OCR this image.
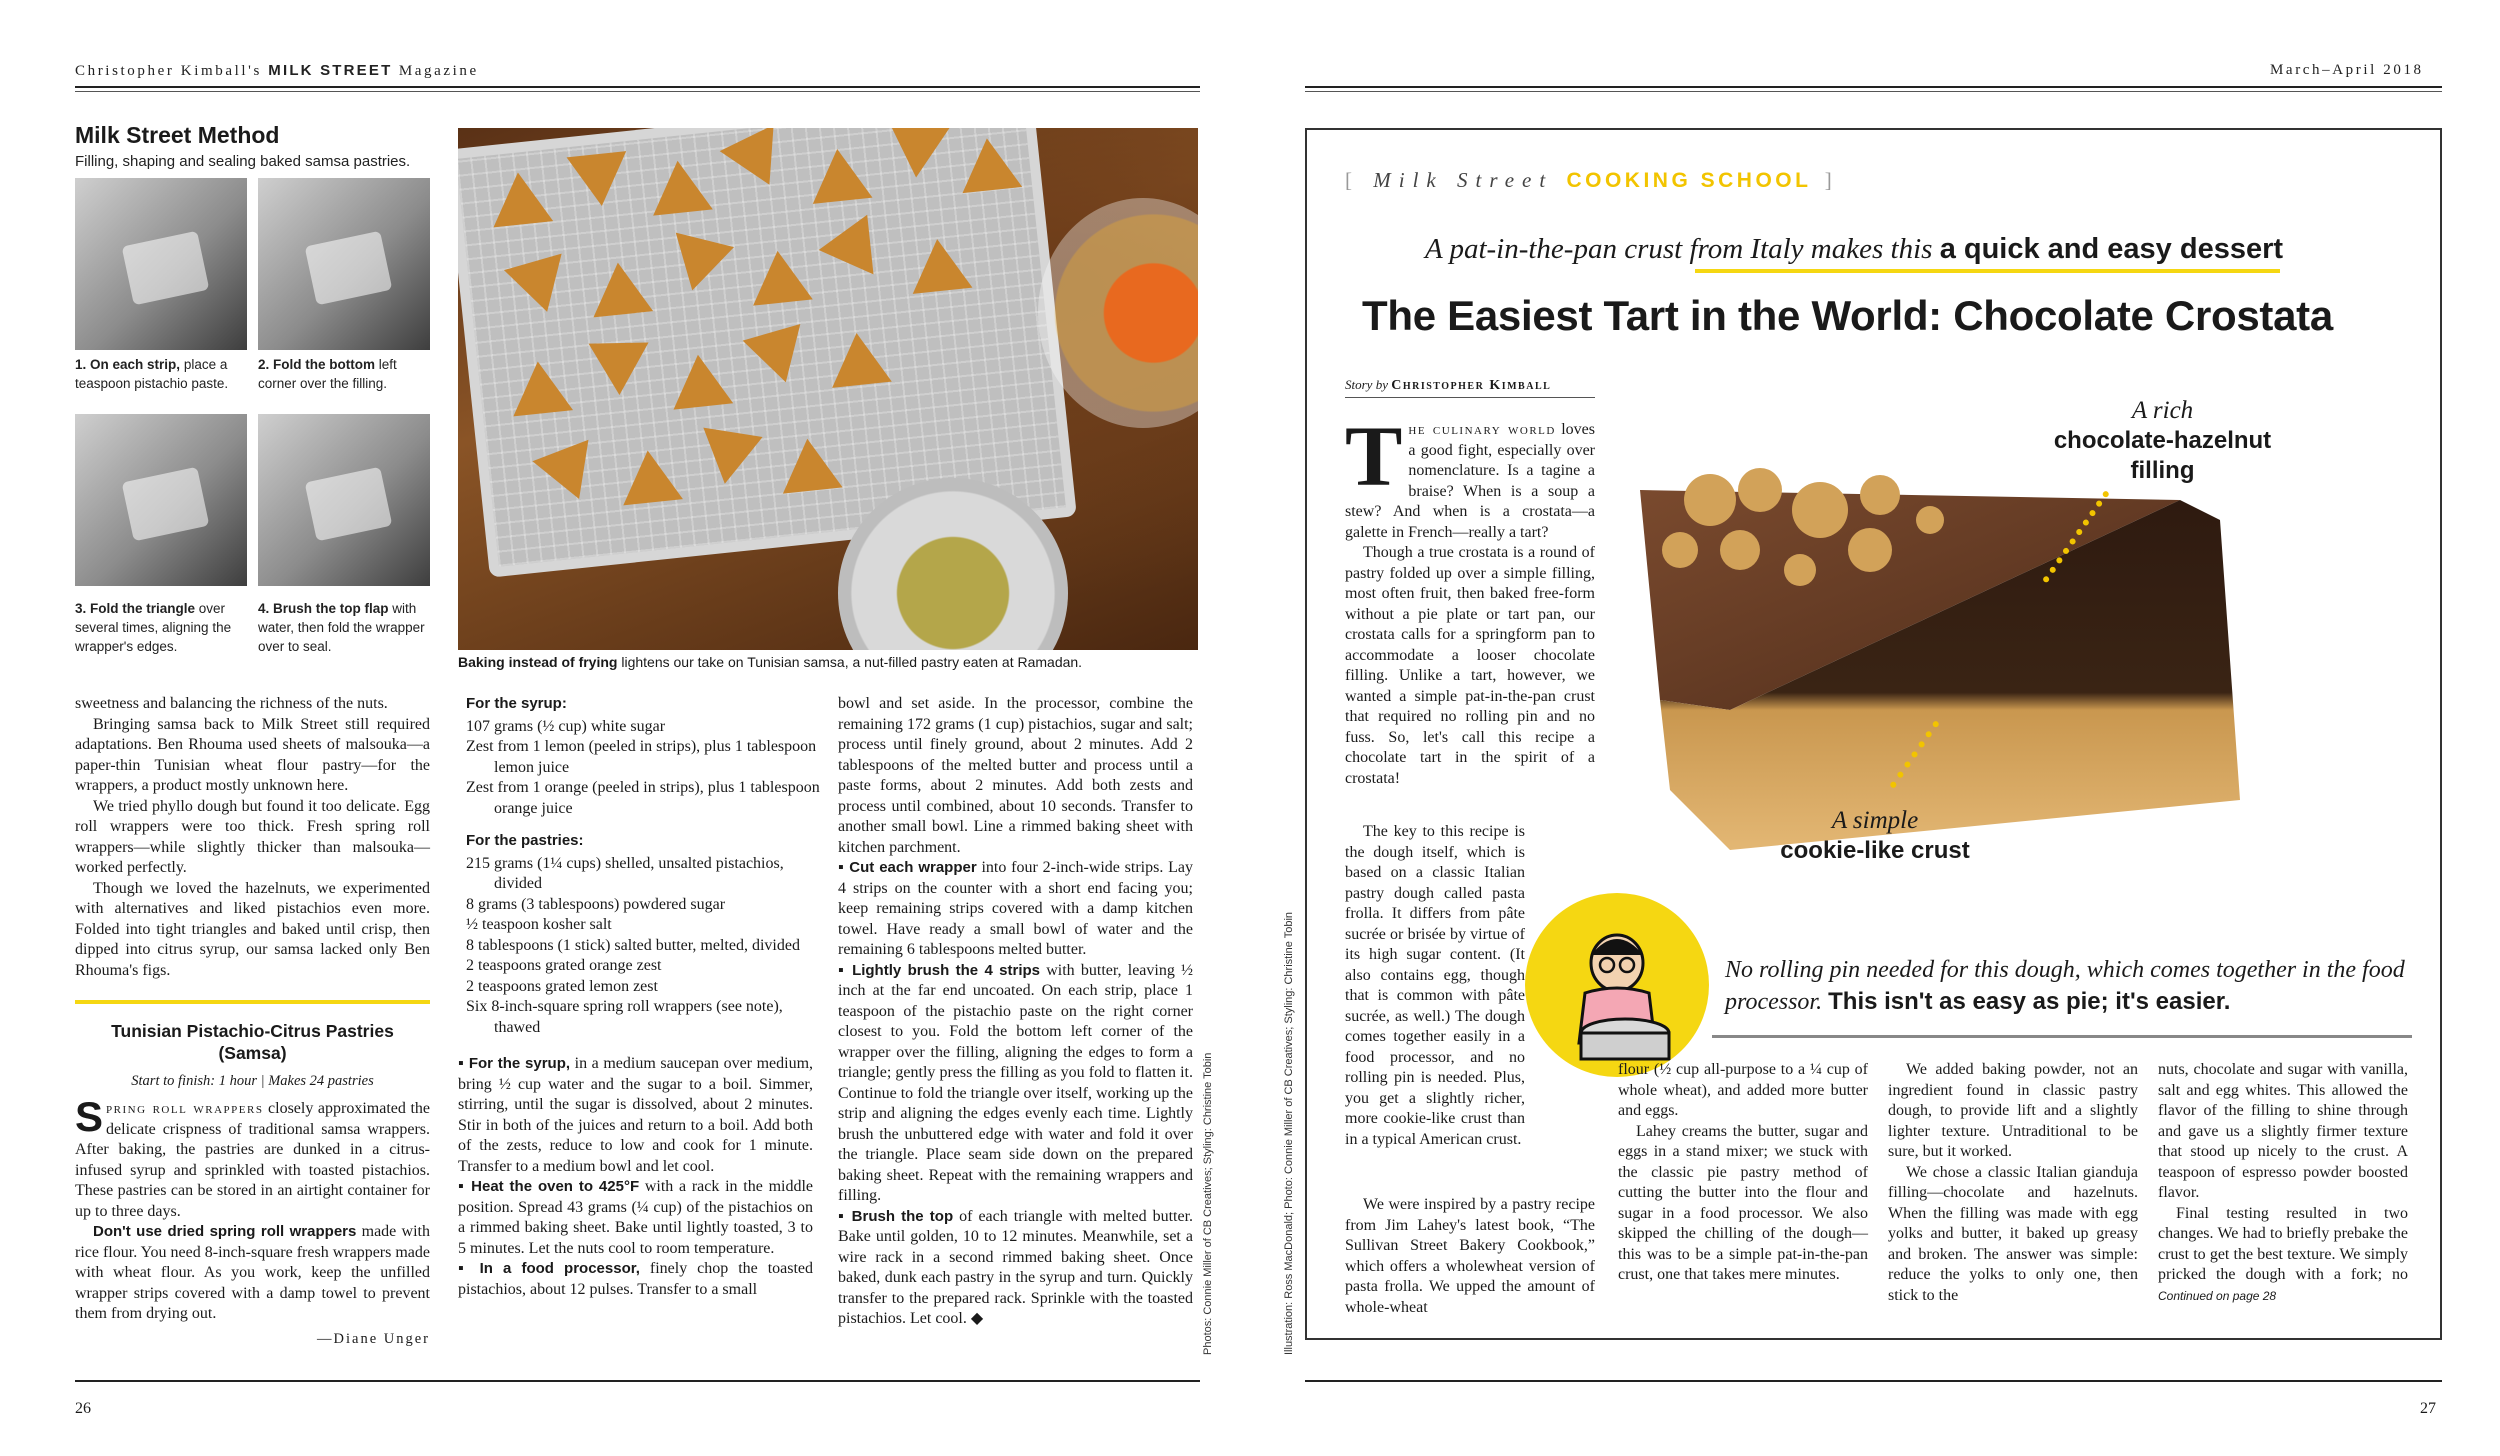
Christopher Kimball's MILK STREET Magazine	March–April 2018
Milk Street Method
Filling, shaping and sealing baked samsa pastries.
1. On each strip, place a teaspoon pistachio paste.
2. Fold the bottom left corner over the filling.
3. Fold the triangle over several times, aligning the wrapper's edges.
4. Brush the top flap with water, then fold the wrapper over to seal.
Baking instead of frying lightens our take on Tunisian samsa, a nut-filled pastry eaten at Ramadan.

sweetness and balancing the richness of the nuts.

Bringing samsa back to Milk Street still required adaptations. Ben Rhouma used sheets of malsouka—a paper-thin Tunisian wheat flour pastry—for the wrappers, a product mostly unknown here.

We tried phyllo dough but found it too delicate. Egg roll wrappers were too thick. Fresh spring roll wrappers—while slightly thicker than malsouka—worked perfectly.

Though we loved the hazelnuts, we experimented with alternatives and liked pistachios even more. Folded into tight triangles and baked until crisp, then dipped into citrus syrup, our samsa lacked only Ben Rhouma's figs.

Tunisian Pistachio-Citrus Pastries (Samsa)
Start to finish: 1 hour | Makes 24 pastries

Spring roll wrappers closely approximated the delicate crispness of traditional samsa wrappers. After baking, the pastries are dunked in a citrus-infused syrup and sprinkled with toasted pistachios. These pastries can be stored in an airtight container for up to three days.

Don't use dried spring roll wrappers made with rice flour. You need 8-inch-square fresh wrappers made with wheat flour. As you work, keep the unfilled wrapper strips covered with a damp towel to prevent them from drying out.

—Diane Unger
For the syrup:
107 grams (½ cup) white sugar
Zest from 1 lemon (peeled in strips), plus 1 tablespoon lemon juice
Zest from 1 orange (peeled in strips), plus 1 tablespoon orange juice
For the pastries:
215 grams (1¼ cups) shelled, unsalted pistachios, divided
8 grams (3 tablespoons) powdered sugar
½ teaspoon kosher salt
8 tablespoons (1 stick) salted butter, melted, divided
2 teaspoons grated orange zest
2 teaspoons grated lemon zest
Six 8-inch-square spring roll wrappers (see note), thawed

▪ For the syrup, in a medium saucepan over medium, bring ½ cup water and the sugar to a boil. Simmer, stirring, until the sugar is dissolved, about 2 minutes. Stir in both of the juices and return to a boil. Add both of the zests, reduce to low and cook for 1 minute. Transfer to a medium bowl and let cool.

▪ Heat the oven to 425°F with a rack in the middle position. Spread 43 grams (¼ cup) of the pistachios on a rimmed baking sheet. Bake until lightly toasted, 3 to 5 minutes. Let the nuts cool to room temperature.

▪ In a food processor, finely chop the toasted pistachios, about 12 pulses. Transfer to a small

bowl and set aside. In the processor, combine the remaining 172 grams (1 cup) pistachios, sugar and salt; process until finely ground, about 2 minutes. Add 2 tablespoons of the melted butter and process until a paste forms, about 2 minutes. Add both zests and process until combined, about 10 seconds. Transfer to another small bowl. Line a rimmed baking sheet with kitchen parchment.

▪ Cut each wrapper into four 2-inch-wide strips. Lay 4 strips on the counter with a short end facing you; keep remaining strips covered with a damp kitchen towel. Have ready a small bowl of water and the remaining 6 tablespoons melted butter.

▪ Lightly brush the 4 strips with butter, leaving ½ inch at the far end uncoated. On each strip, place 1 teaspoon of the pistachio paste on the right corner closest to you. Fold the bottom left corner of the wrapper over the filling, aligning the edges to form a triangle; gently press the filling as you fold to flatten it. Continue to fold the triangle over itself, working up the strip and aligning the edges evenly each time. Lightly brush the unbuttered edge with water and fold it over the triangle. Place seam side down on the prepared baking sheet. Repeat with the remaining wrappers and filling.

▪ Brush the top of each triangle with melted butter. Bake until golden, 10 to 12 minutes. Meanwhile, set a wire rack in a second rimmed baking sheet. Once baked, dunk each pastry in the syrup and turn. Quickly transfer to the prepared rack. Sprinkle with the toasted pistachios. Let cool. ◆	Photos: Connie Miller of CB Creatives; Styling: Christine Tobin
26
Illustration: Ross MacDonald; Photo: Connie Miller of CB Creatives; Styling: Christine Tobin
[ Milk Street COOKING SCHOOL ]
A pat-in-the-pan crust from Italy makes this a quick and easy dessert
The Easiest Tart in the World: Chocolate Crostata
Story by Christopher Kimball
A rich
chocolate-hazelnut filling
A simple
cookie-like crust
No rolling pin needed for this dough, which comes together in the food processor. This isn't as easy as pie; it's easier.

The culinary world loves a good fight, especially over nomenclature. Is a tagine a braise? When is a soup a stew? And when is a crostata—a galette in French—really a tart?

Though a true crostata is a round of pastry folded up over a simple filling, most often fruit, then baked free-form without a pie plate or tart pan, our crostata calls for a springform pan to accommodate a looser chocolate filling. Unlike a tart, however, we wanted a simple pat-in-the-pan crust that required no rolling pin and no fuss. So, let's call this recipe a chocolate tart in the spirit of a crostata!

The key to this recipe is the dough itself, which is based on a classic Italian pastry dough called pasta frolla. It differs from pâte sucrée or brisée by virtue of its high sugar content. (It also contains egg, though that is common with pâte sucrée, as well.) The dough comes together easily in a food processor, and no rolling pin is needed. Plus, you get a slightly richer, more cookie-like crust than in a typical American crust.

We were inspired by a pastry recipe from Jim Lahey's latest book, “The Sullivan Street Bakery Cookbook,” which offers a wholewheat version of pasta frolla. We upped the amount of whole-wheat

flour (½ cup all-purpose to a ¼ cup of whole wheat), and added more butter and eggs.

Lahey creams the butter, sugar and eggs in a stand mixer; we stuck with the classic pie pastry method of cutting the butter into the flour and sugar in a food processor. We also skipped the chilling of the dough—this was to be a simple pat-in-the-pan crust, one that takes mere minutes.

We added baking powder, not an ingredient found in classic pastry dough, to provide lift and a slightly lighter texture. Untraditional to be sure, but it worked.

We chose a classic Italian gianduja filling—chocolate and hazelnuts. When the filling was made with egg yolks and butter, it baked up greasy and broken. The answer was simple: reduce the yolks to only one, then stick to the

nuts, chocolate and sugar with vanilla, salt and egg whites. This allowed the flavor of the filling to shine through and gave us a slightly firmer texture that stood up nicely to the crust. A teaspoon of espresso powder boosted flavor.

Final testing resulted in two changes. We had to briefly prebake the crust to get the best texture. We simply pricked the dough with a fork; no Continued on page 28

27
